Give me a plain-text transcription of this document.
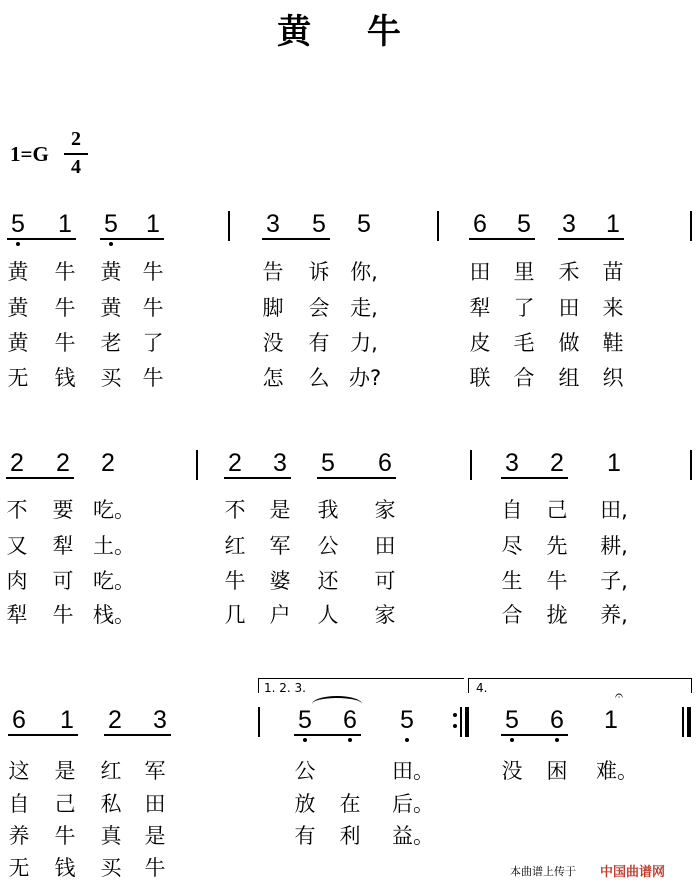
黄 牛
1=G
2
4
5	1	5	1	3	5	5	6	5	3	1
黄 牛 黄 牛	告 诉 你,	田 里 禾 苗
黄 牛 黄 牛	脚 会 走,	犁 了 田 来
黄 牛 老 了	没 有 力,	皮 毛 做 鞋
无 钱 买 牛	怎 么 办?	联 合 组 织
2	2	2	2	3	5	6	3	2	1
不 要 吃。	不 是 我 家	自 己 田,
又 犁 土。	红 军 公 田	尽 先 耕,
肉 可 吃。	牛 婆 还 可	生 牛 子,
犁 牛 栈。	几 户 人 家	合 拢 养,
6	1	2	3	5	6	5	5	6	1
这 是 红 军	公	田。	没 困 难。
自 己 私 田	放 在 后。
养 牛 真 是	有 利 益。
无 钱 买 牛
1. 2. 3.	4.	𝄐
本曲谱上传于 中国曲谱网
